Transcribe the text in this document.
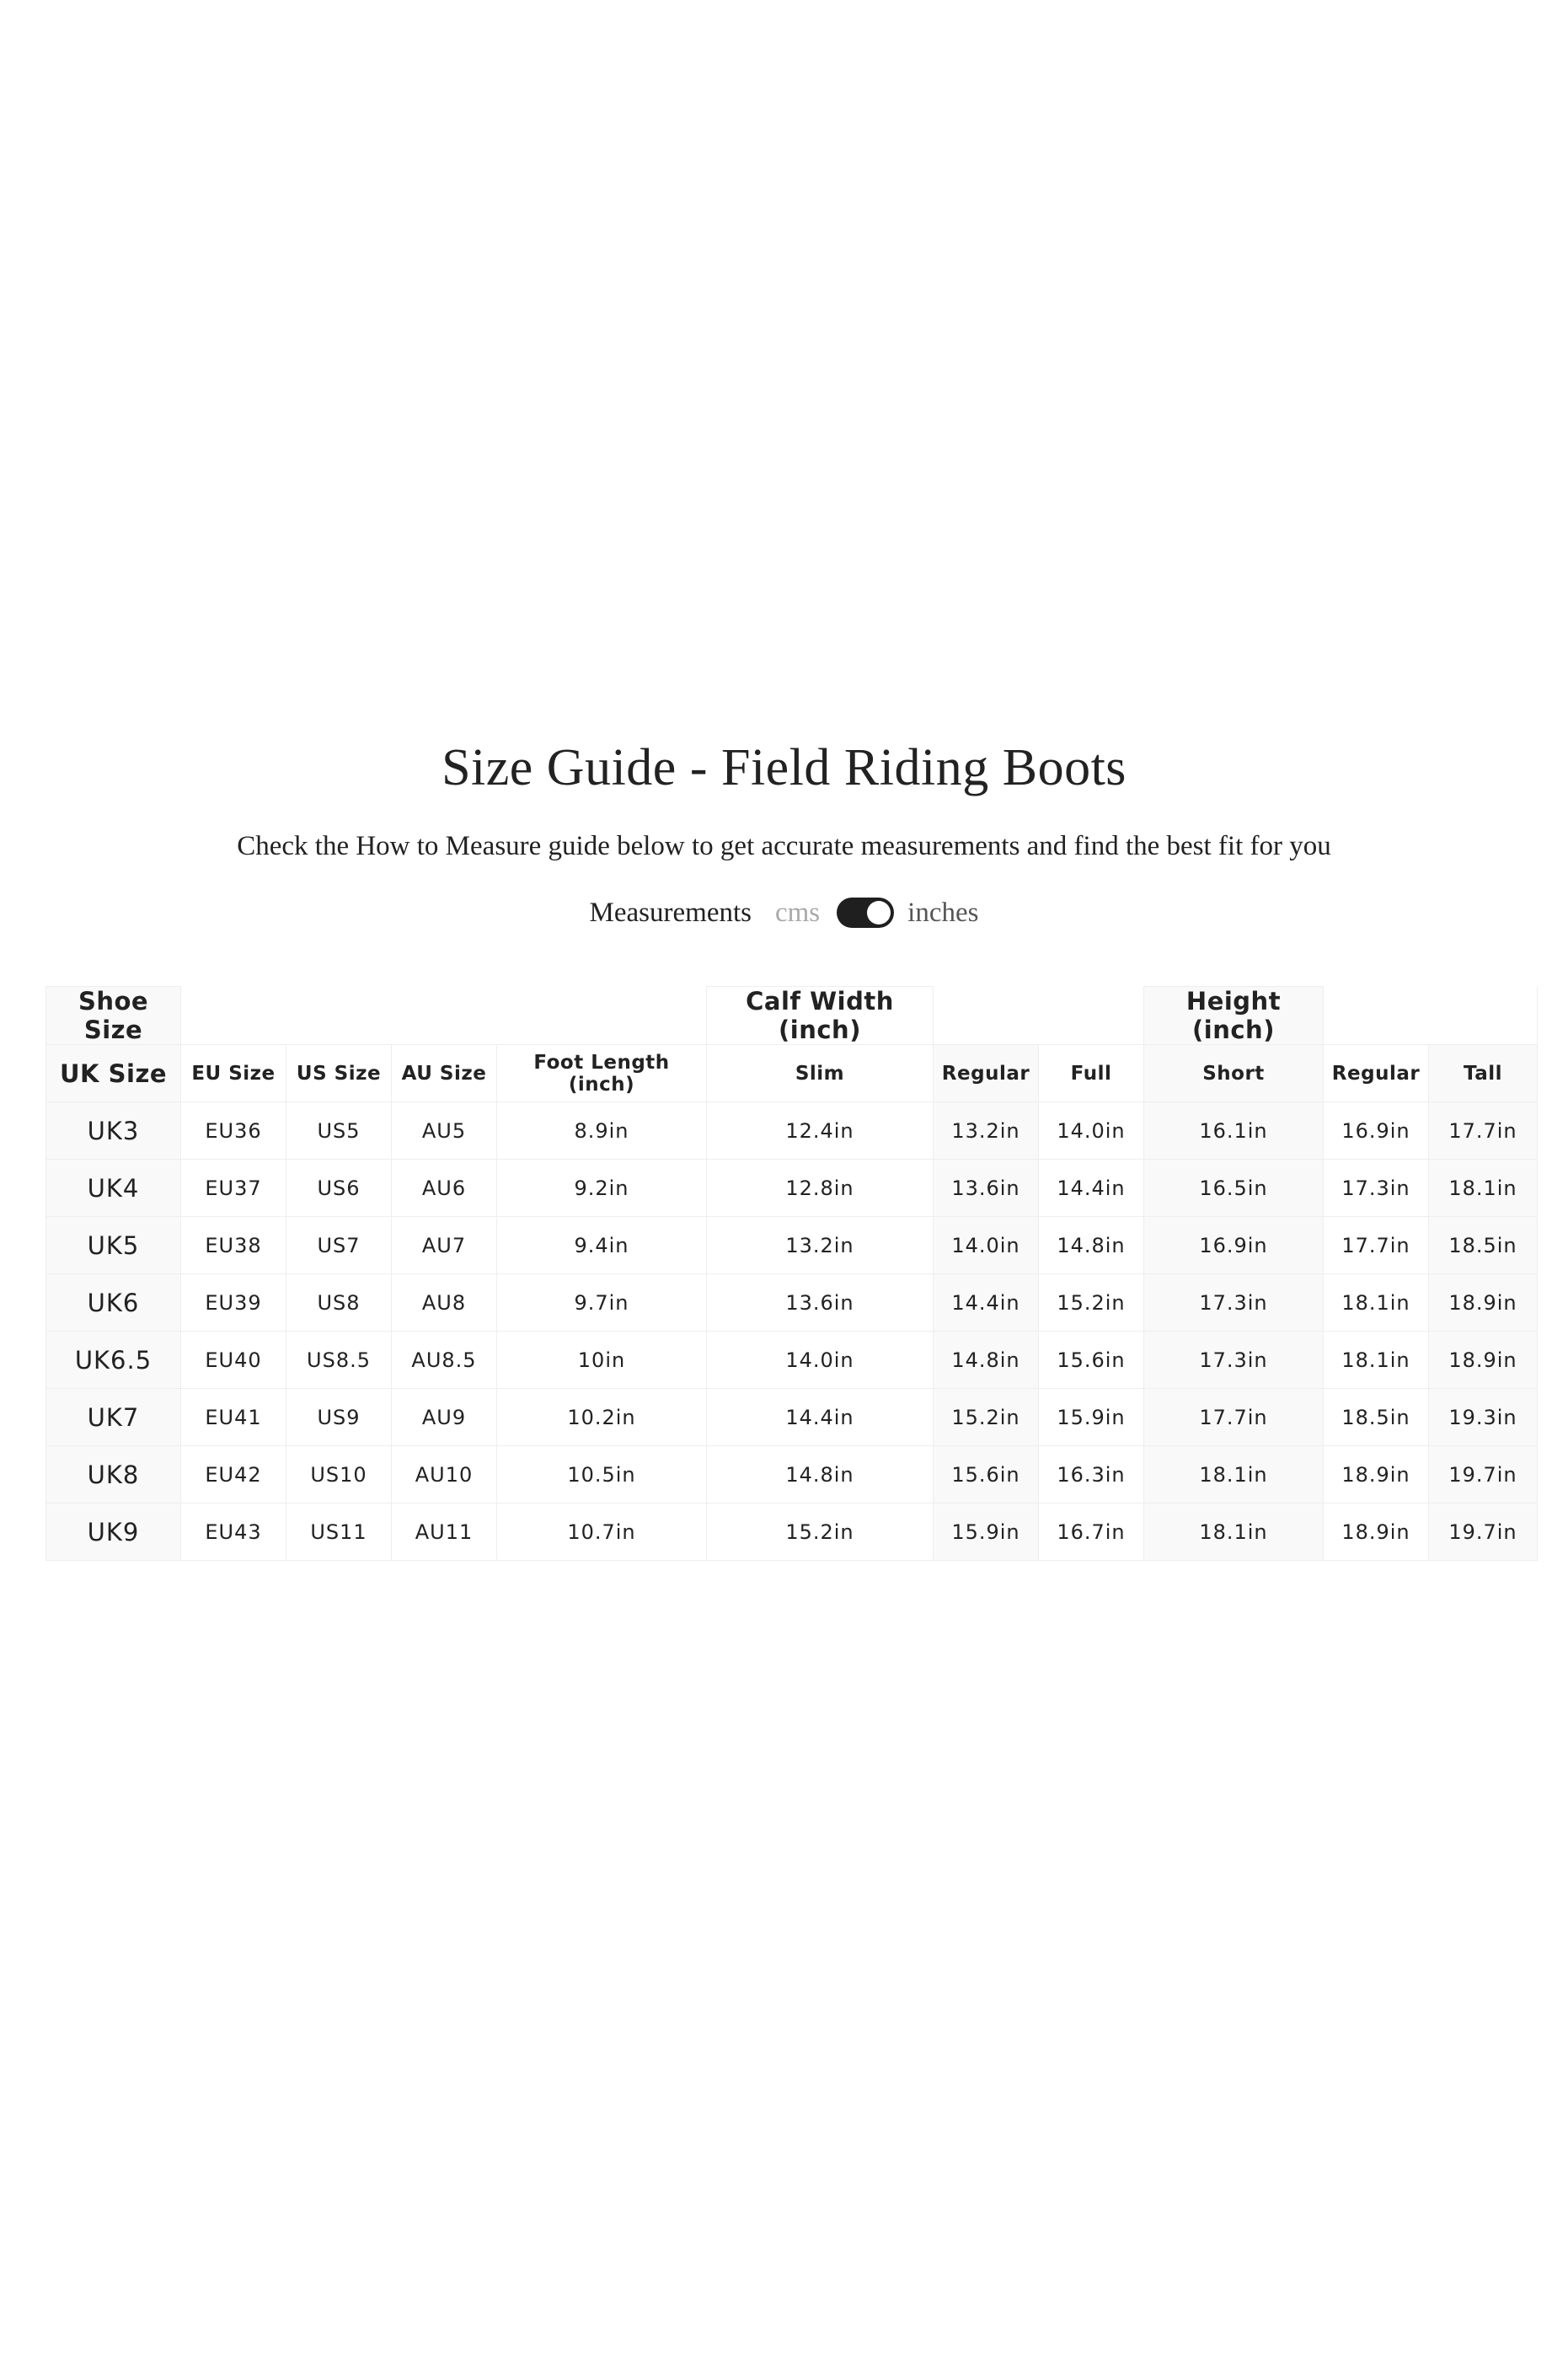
Size Guide - Field Riding Boots

Check the How to Measure guide below to get accurate measurements and find the best fit for you

Measurements cms	inches
Shoe Size					Calf Width (inch)			Height (inch)		
UK Size	EU Size	US Size	AU Size	Foot Length (inch)	Slim	Regular	Full	Short	Regular	Tall
UK3	EU36	US5	AU5	8.9in	12.4in	13.2in	14.0in	16.1in	16.9in	17.7in
UK4	EU37	US6	AU6	9.2in	12.8in	13.6in	14.4in	16.5in	17.3in	18.1in
UK5	EU38	US7	AU7	9.4in	13.2in	14.0in	14.8in	16.9in	17.7in	18.5in
UK6	EU39	US8	AU8	9.7in	13.6in	14.4in	15.2in	17.3in	18.1in	18.9in
UK6.5	EU40	US8.5	AU8.5	10in	14.0in	14.8in	15.6in	17.3in	18.1in	18.9in
UK7	EU41	US9	AU9	10.2in	14.4in	15.2in	15.9in	17.7in	18.5in	19.3in
UK8	EU42	US10	AU10	10.5in	14.8in	15.6in	16.3in	18.1in	18.9in	19.7in
UK9	EU43	US11	AU11	10.7in	15.2in	15.9in	16.7in	18.1in	18.9in	19.7in
